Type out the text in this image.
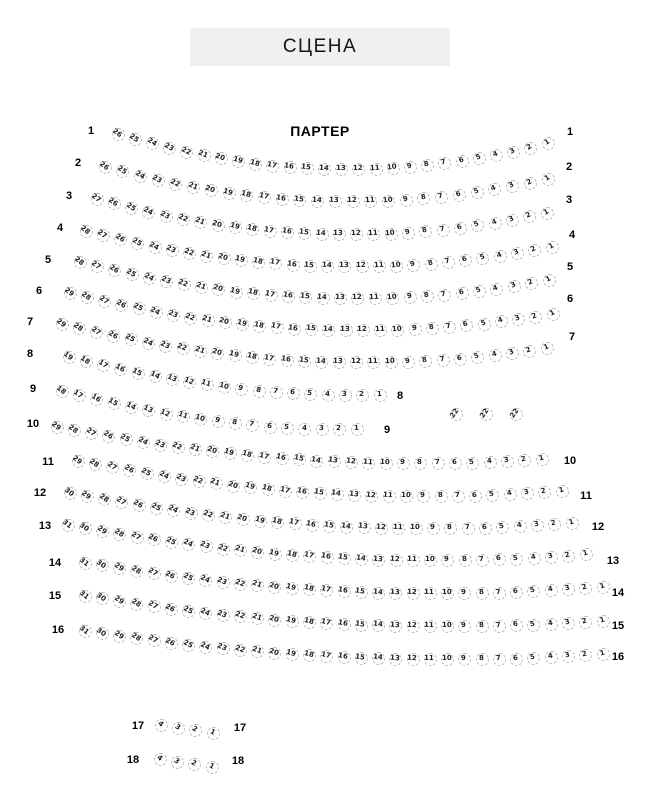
СЦЕНА
ПАРТЕР
1	1
26 25 24 23 22 21 20 19 18 17 16 15 14 13 12 11 10 9 8 7 6 5 4 3 2 1
2	2
26 25 24 23 22 21 20 19 18 17 16 15 14 13 12 11 10 9 8 7 6 5 4 3 2 1
3	3
27 26 25 24 23 22 21 20 19 18 17 16 15 14 13 12 11 10 9 8 7 6 5 4 3 2 1
4
4
28 27 26 25 24 23 22 21 20 19 18 17 16 15 14 13 12 11 10 9 8 7 6 5 4 3 2 1
5
5
28 27 26 25 24 23 22 21 20 19 18 17 16 15 14 13 12 11 10 9 8 7 6 5 4 3 2 1
6
6
29 28 27 26 25 24 23 22 21 20 19 18 17 16 15 14 13 12 11 10 9 8 7 6 5 4 3 2 1
7
7
29 28 27 26 25 24 23 22 21 20 19 18 17 16 15 14 13 12 11 10 9 8 7 6 5 4 3 2 1
8
8
19 18 17 16 15 14 13 12 11 10 9 8 7 6 5 4 3 2 1
9
9
18 17 16 15 14 13 12 11 10 9 8 7 6 5 4 3 2 1
10
10
29 28 27 26 25 24 23 22 21 20 19 18 17 16 15 14 13 12 11 10 9 8 7 6 5 4 3 2 1
11
11
29 28 27 26 25 24 23 22 21 20 19 18 17 16 15 14 13 12 11 10 9 8 7 6 5 4 3 2 1
12
12
30 29 28 27 26 25 24 23 22 21 20 19 18 17 16 15 14 13 12 11 10 9 8 7 6 5 4 3 2 1
13
13
31 30 29 28 27 26 25 24 23 22 21 20 19 18 17 16 15 14 13 12 11 10 9 8 7 6 5 4 3 2 1
14
14
31 30 29 28 27 26 25 24 23 22 21 20 19 18 17 16 15 14 13 12 11 10 9 8 7 6 5 4 3 2 1
15
15
31 30 29 28 27 26 25 24 23 22 21 20 19 18 17 16 15 14 13 12 11 10 9 8 7 6 5 4 3 2 1
16
16
31 30 29 28 27 26 25 24 23 22 21 20 19 18 17 16 15 14 13 12 11 10 9 8 7 6 5 4 3 2 1
17	17
4 3 2 1
18	18
4 3 2 1
22	22	22
